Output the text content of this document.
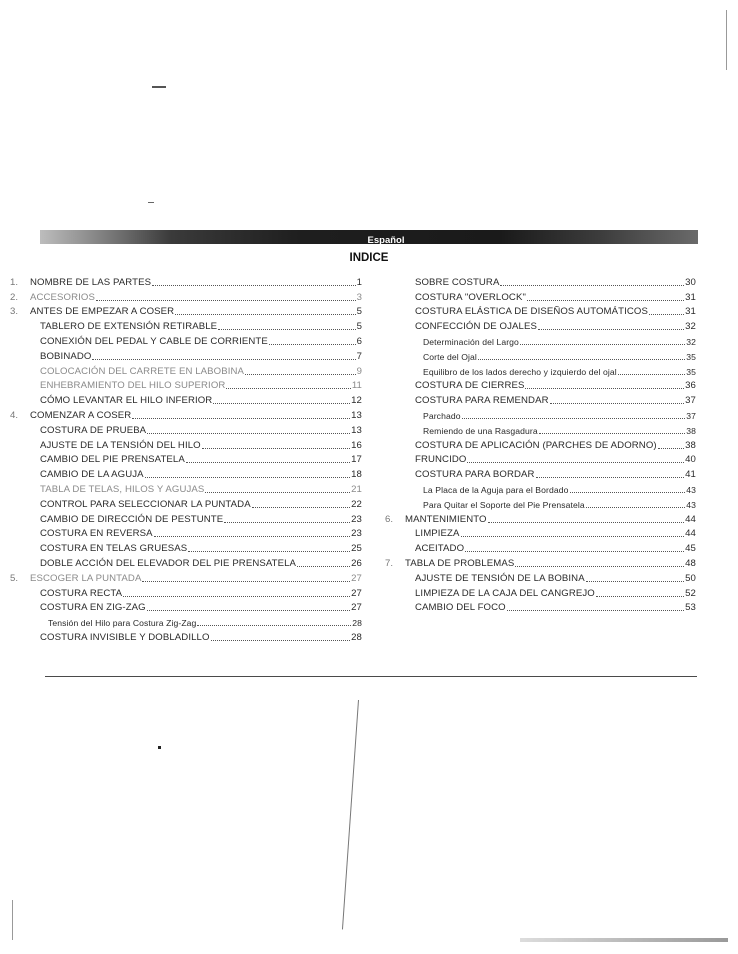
Español
INDICE
1.	NOMBRE DE LAS PARTES	1
2.	ACCESORIOS	3
3.	ANTES DE EMPEZAR A COSER	5
TABLERO DE EXTENSIÓN RETIRABLE	5
CONEXIÓN DEL PEDAL Y CABLE DE CORRIENTE	6
BOBINADO	7
COLOCACIÓN DEL CARRETE EN LABOBINA	9
ENHEBRAMIENTO DEL HILO SUPERIOR	11
CÓMO LEVANTAR EL HILO INFERIOR	12
4.	COMENZAR A COSER	13
COSTURA DE PRUEBA	13
AJUSTE DE LA TENSIÓN DEL HILO	16
CAMBIO DEL PIE PRENSATELA	17
CAMBIO DE LA AGUJA	18
TABLA DE TELAS, HILOS Y AGUJAS	21
CONTROL PARA SELECCIONAR LA PUNTADA	22
CAMBIO DE DIRECCIÓN DE PESTUNTE	23
COSTURA EN REVERSA	23
COSTURA EN TELAS GRUESAS	25
DOBLE ACCIÓN DEL ELEVADOR DEL PIE PRENSATELA	26
5.	ESCOGER LA PUNTADA	27
COSTURA RECTA	27
COSTURA EN ZIG-ZAG	27
Tensión del Hilo para Costura Zig-Zag	28
COSTURA INVISIBLE Y DOBLADILLO	28
SOBRE COSTURA	30
COSTURA "OVERLOCK"	31
COSTURA ELÁSTICA DE DISEÑOS AUTOMÁTICOS	31
CONFECCIÓN DE OJALES	32
Determinación del Largo	32
Corte del Ojal	35
Equilibro de los lados derecho y izquierdo del ojal	35
COSTURA DE CIERRES	36
COSTURA PARA REMENDAR	37
Parchado	37
Remiendo de una Rasgadura	38
COSTURA DE APLICACIÓN (PARCHES DE ADORNO)	38
FRUNCIDO	40
COSTURA PARA BORDAR	41
La Placa de la Aguja para el Bordado	43
Para Quitar el Soporte del Pie Prensatela	43
6.	MANTENIMIENTO	44
LIMPIEZA	44
ACEITADO	45
7.	TABLA DE PROBLEMAS	48
AJUSTE DE TENSIÓN DE LA BOBINA	50
LIMPIEZA DE LA CAJA DEL CANGREJO	52
CAMBIO DEL FOCO	53
